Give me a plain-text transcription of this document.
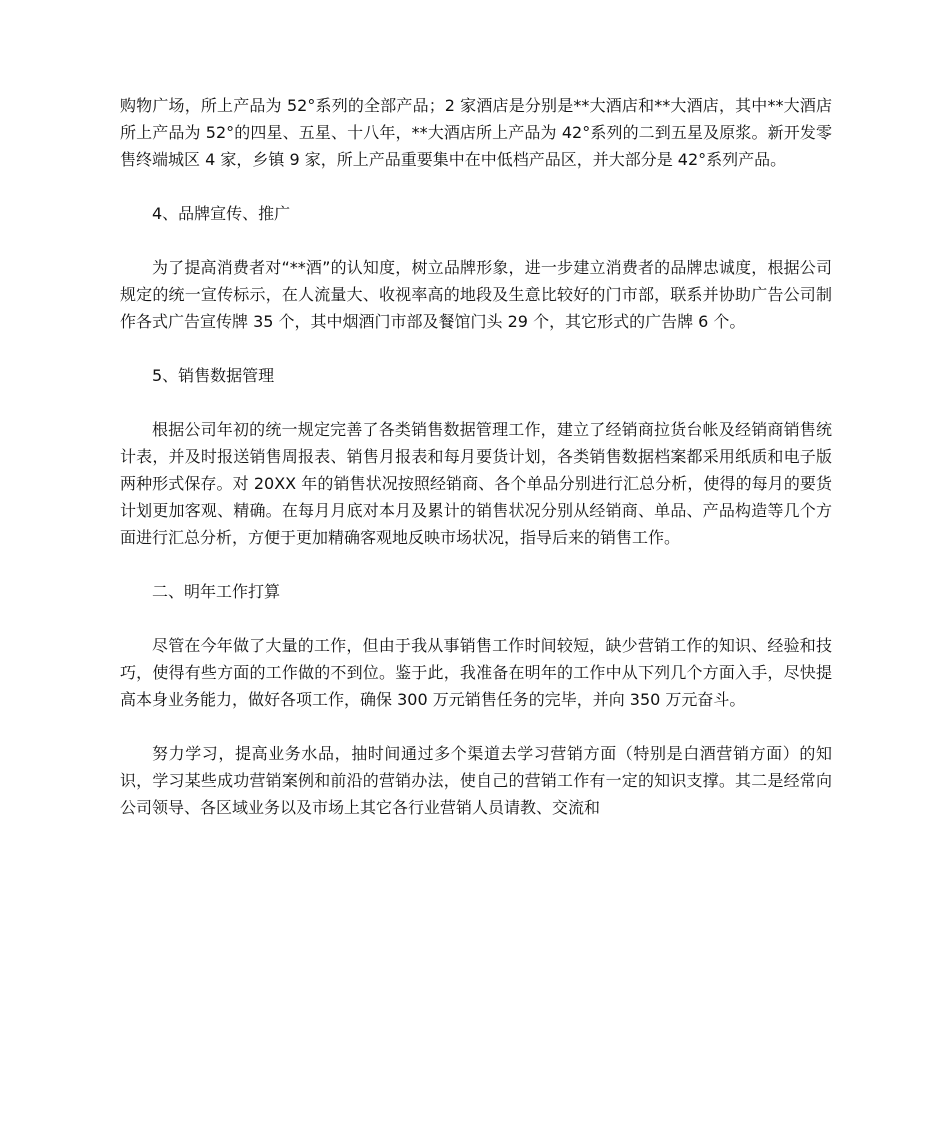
购物广场，所上产品为 52°系列的全部产品；2 家酒店是分别是**大酒店和**大酒店，其中**大酒店所上产品为 52°的四星、五星、十八年，**大酒店所上产品为 42°系列的二到五星及原浆。新开发零售终端城区 4 家，乡镇 9 家，所上产品重要集中在中低档产品区，并大部分是 42°系列产品。

4、品牌宣传、推广

为了提高消费者对“**酒”的认知度，树立品牌形象，进一步建立消费者的品牌忠诚度，根据公司规定的统一宣传标示，在人流量大、收视率高的地段及生意比较好的门市部，联系并协助广告公司制作各式广告宣传牌 35 个，其中烟酒门市部及餐馆门头 29 个，其它形式的广告牌 6 个。

5、销售数据管理

根据公司年初的统一规定完善了各类销售数据管理工作，建立了经销商拉货台帐及经销商销售统计表，并及时报送销售周报表、销售月报表和每月要货计划，各类销售数据档案都采用纸质和电子版两种形式保存。对 20XX 年的销售状况按照经销商、各个单品分别进行汇总分析，使得的每月的要货计划更加客观、精确。在每月月底对本月及累计的销售状况分别从经销商、单品、产品构造等几个方面进行汇总分析，方便于更加精确客观地反映市场状况，指导后来的销售工作。

二、明年工作打算

尽管在今年做了大量的工作，但由于我从事销售工作时间较短，缺少营销工作的知识、经验和技巧，使得有些方面的工作做的不到位。鉴于此，我准备在明年的工作中从下列几个方面入手，尽快提高本身业务能力，做好各项工作，确保 300 万元销售任务的完毕，并向 350 万元奋斗。

努力学习，提高业务水品，抽时间通过多个渠道去学习营销方面（特别是白酒营销方面）的知识，学习某些成功营销案例和前沿的营销办法，使自己的营销工作有一定的知识支撑。其二是经常向公司领导、各区域业务以及市场上其它各行业营销人员请教、交流和
